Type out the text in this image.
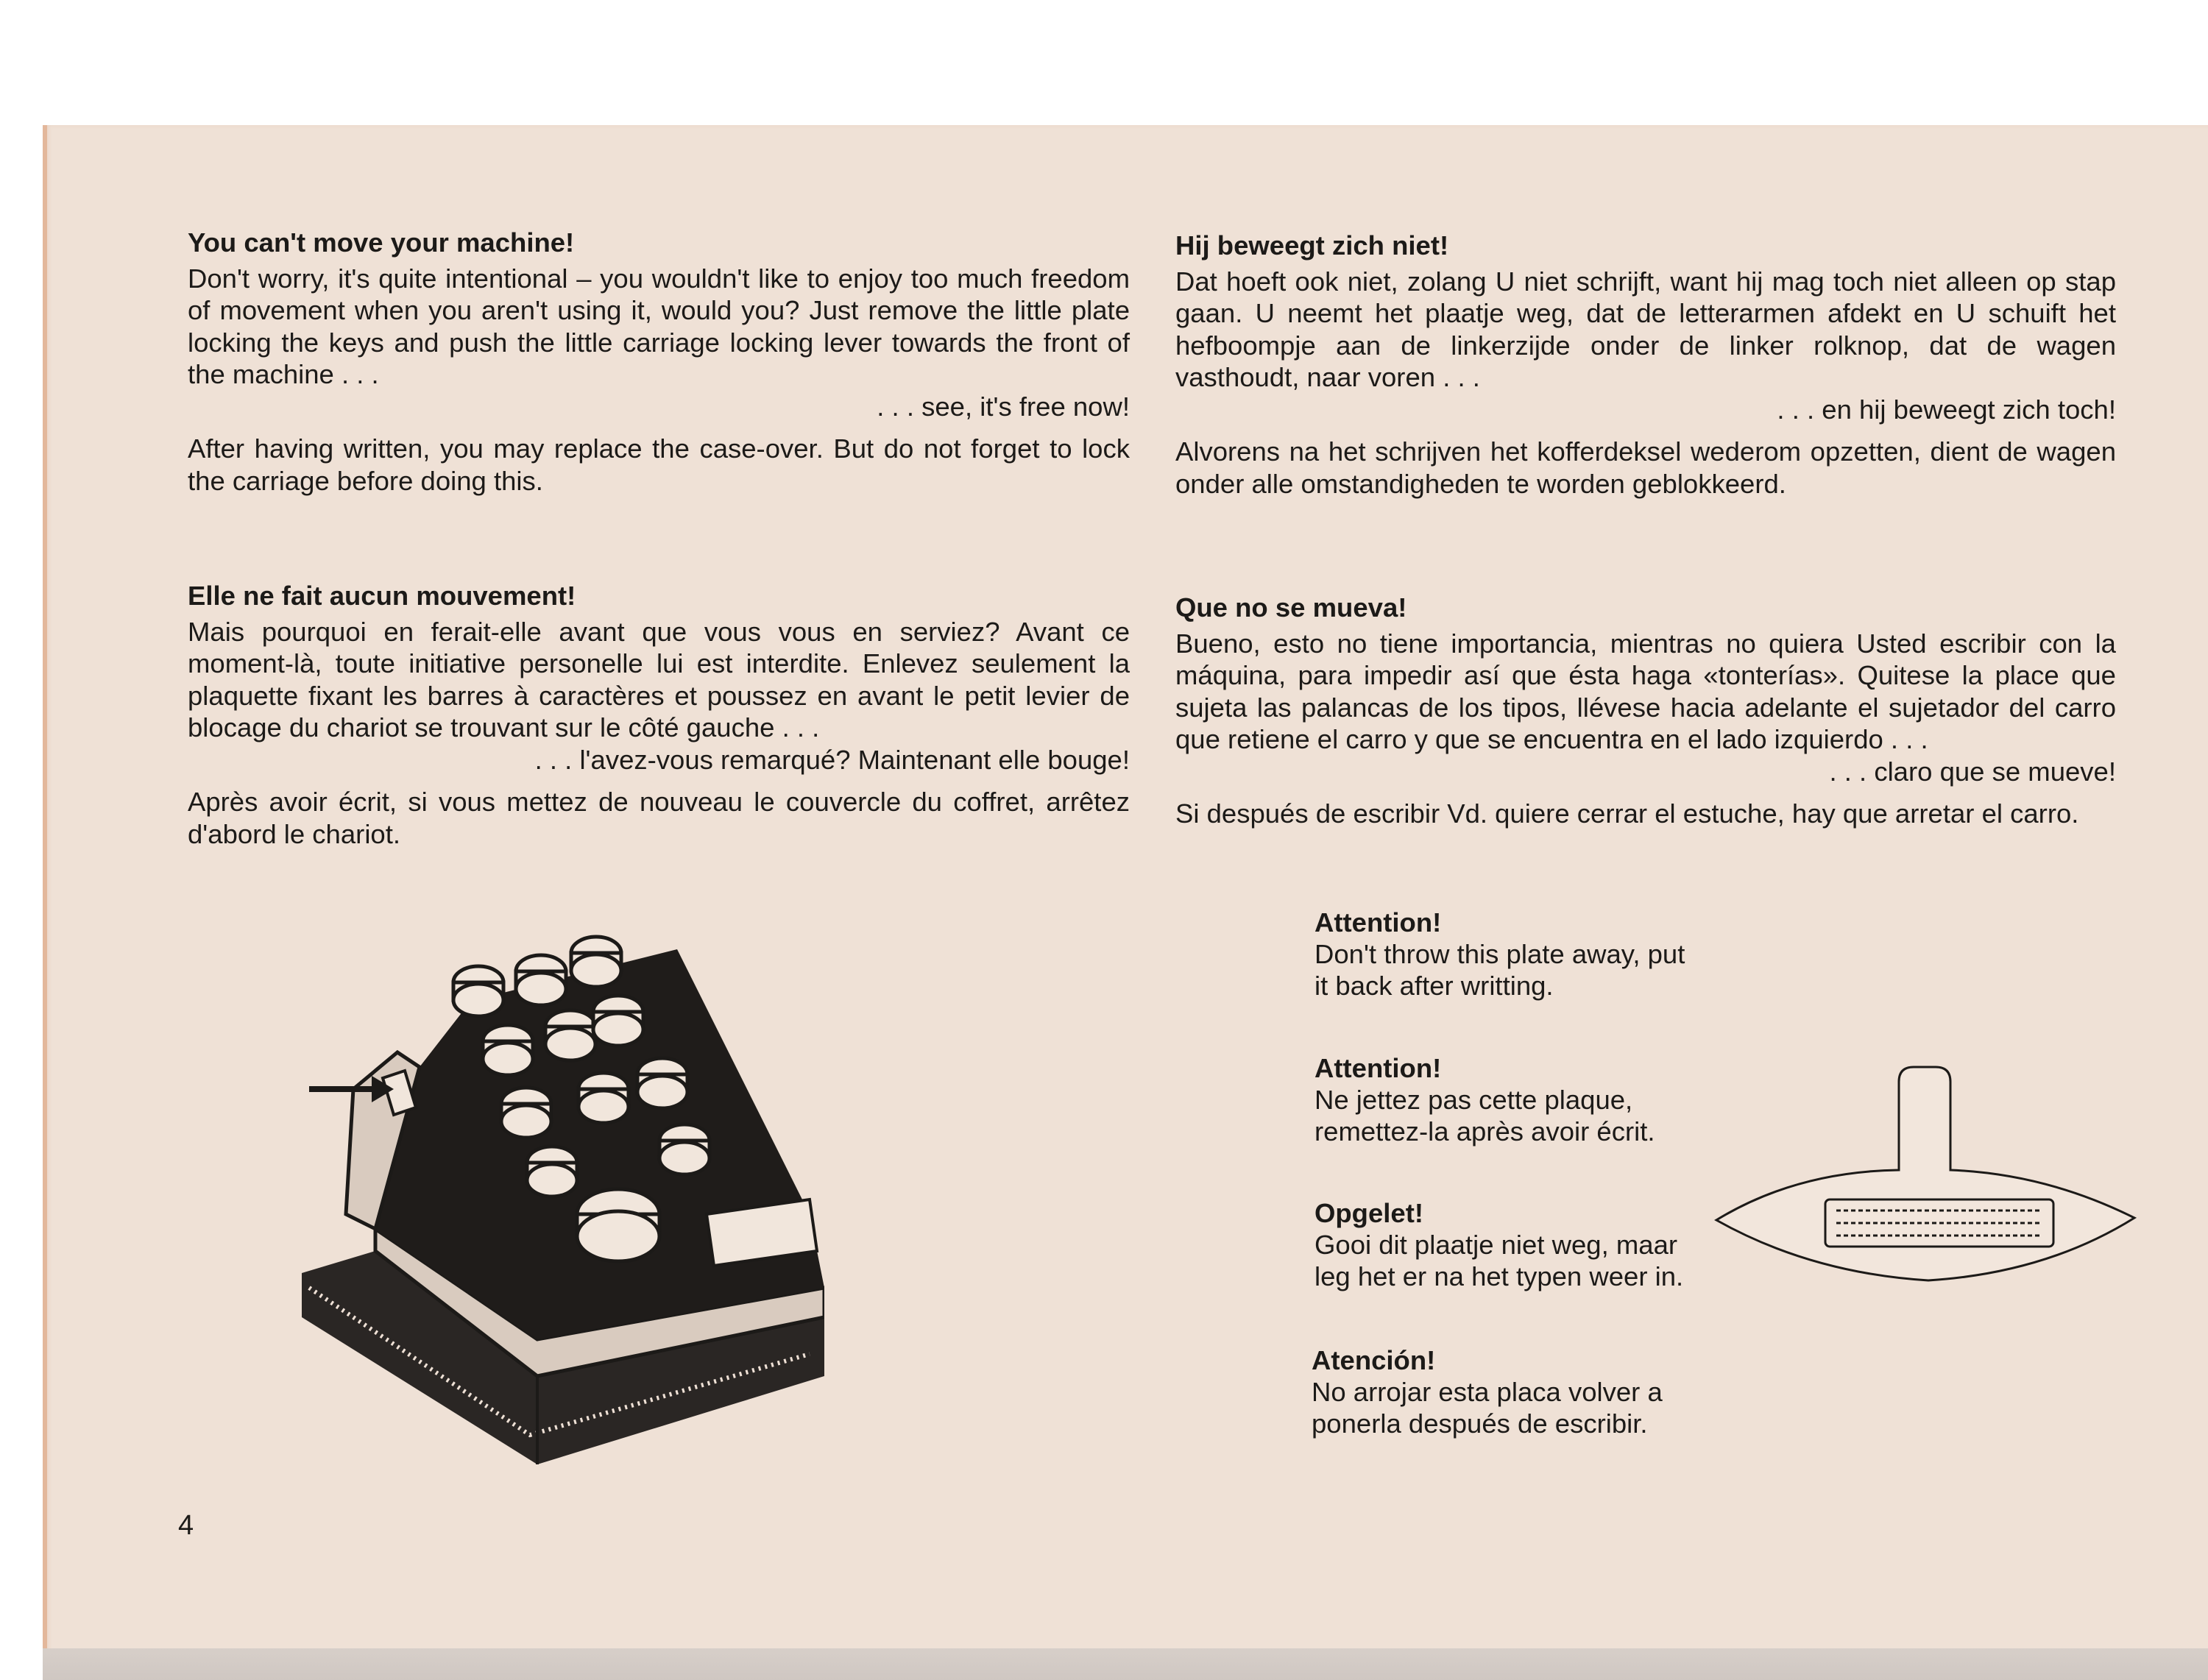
You can't move your machine!

Don't worry, it's quite intentional – you wouldn't like to enjoy too much freedom of movement when you aren't using it, would you? Just remove the little plate locking the keys and push the little carriage locking lever towards the front of the machine . . .

. . . see, it's free now!

After having written, you may replace the case-over. But do not forget to lock the carriage before doing this.

Elle ne fait aucun mouvement!

Mais pourquoi en ferait-elle avant que vous vous en serviez? Avant ce moment-là, toute initiative personelle lui est interdite. Enlevez seulement la plaquette fixant les barres à caractères et poussez en avant le petit levier de blocage du chariot se trouvant sur le côté gauche . . .

. . . l'avez-vous remarqué? Maintenant elle bouge!

Après avoir écrit, si vous mettez de nouveau le couvercle du coffret, arrêtez d'abord le chariot.

Hij beweegt zich niet!

Dat hoeft ook niet, zolang U niet schrijft, want hij mag toch niet alleen op stap gaan. U neemt het plaatje weg, dat de letterarmen afdekt en U schuift het hefboompje aan de linkerzijde onder de linker rolknop, dat de wagen vasthoudt, naar voren . . .

. . . en hij beweegt zich toch!

Alvorens na het schrijven het kofferdeksel wederom opzetten, dient de wagen onder alle omstandigheden te worden geblokkeerd.

Que no se mueva!

Bueno, esto no tiene importancia, mientras no quiera Usted escribir con la máquina, para impedir así que ésta haga «tonterías». Quitese la place que sujeta las palancas de los tipos, llévese hacia adelante el sujetador del carro que retiene el carro y que se encuentra en el lado izquierdo . . .

. . . claro que se mueve!

Si después de escribir Vd. quiere cerrar el estuche, hay que arretar el carro.

Attention!

Don't throw this plate away, put it back after writting.

Attention!

Ne jettez pas cette plaque, remettez-la après avoir écrit.

Opgelet!

Gooi dit plaatje niet weg, maar leg het er na het typen weer in.

Atención!

No arrojar esta placa volver a ponerla después de escribir.

4
